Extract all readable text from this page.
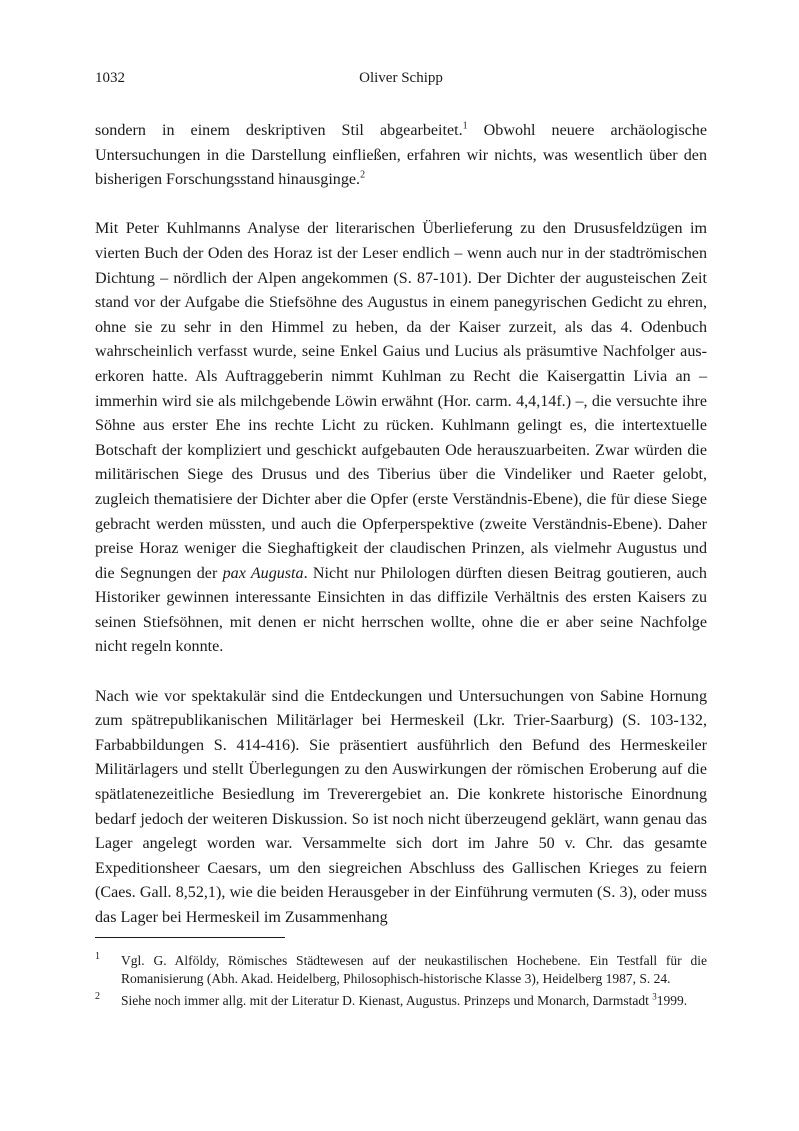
1032	Oliver Schipp

sondern in einem deskriptiven Stil abgearbeitet.$^1$ Obwohl neuere archäologische Untersuchungen in die Darstellung einfließen, erfahren wir nichts, was wesentlich über den bisherigen Forschungsstand hinausginge.$^2$

Mit Peter Kuhlmanns Analyse der literarischen Überlieferung zu den Drususfeldzügen im vierten Buch der Oden des Horaz ist der Leser endlich – wenn auch nur in der stadtrömischen Dichtung – nördlich der Alpen angekommen (S. 87-101). Der Dichter der augusteischen Zeit stand vor der Aufgabe die Stiefsöhne des Augustus in einem panegyrischen Gedicht zu ehren, ohne sie zu sehr in den Himmel zu heben, da der Kaiser zurzeit, als das 4. Odenbuch wahrscheinlich verfasst wurde, seine Enkel Gaius und Lucius als präsumtive Nachfolger auserkoren hatte. Als Auftraggeberin nimmt Kuhlman zu Recht die Kaisergattin Livia an – immerhin wird sie als milchgebende Löwin erwähnt (Hor. carm. 4,4,14f.) –, die versuchte ihre Söhne aus erster Ehe ins rechte Licht zu rücken. Kuhlmann gelingt es, die intertextuelle Botschaft der kompliziert und geschickt aufgebauten Ode herauszuarbeiten. Zwar würden die militärischen Siege des Drusus und des Tiberius über die Vindeliker und Raeter gelobt, zugleich thematisiere der Dichter aber die Opfer (erste Verständnis-Ebene), die für diese Siege gebracht werden müssten, und auch die Opferperspektive (zweite Verständnis-Ebene). Daher preise Horaz weniger die Sieghaftigkeit der claudischen Prinzen, als vielmehr Augustus und die Segnungen der pax Augusta. Nicht nur Philologen dürften diesen Beitrag goutieren, auch Historiker gewinnen interessante Einsichten in das diffizile Verhältnis des ersten Kaisers zu seinen Stiefsöhnen, mit denen er nicht herrschen wollte, ohne die er aber seine Nachfolge nicht regeln konnte.

Nach wie vor spektakulär sind die Entdeckungen und Untersuchungen von Sabine Hornung zum spätrepublikanischen Militärlager bei Hermeskeil (Lkr. Trier-Saarburg) (S. 103-132, Farbabbildungen S. 414-416). Sie präsentiert ausführlich den Befund des Hermeskeiler Militärlagers und stellt Überlegungen zu den Auswirkungen der römischen Eroberung auf die spätlatenezeitliche Besiedlung im Treverergebiet an. Die konkrete historische Einordnung bedarf jedoch der weiteren Diskussion. So ist noch nicht überzeugend geklärt, wann genau das Lager angelegt worden war. Versammelte sich dort im Jahre 50 v. Chr. das gesamte Expeditionsheer Caesars, um den siegreichen Abschluss des Gallischen Krieges zu feiern (Caes. Gall. 8,52,1), wie die beiden Herausgeber in der Einführung vermuten (S. 3), oder muss das Lager bei Hermeskeil im Zusammenhang

1 Vgl. G. Alföldy, Römisches Städtewesen auf der neukastilischen Hochebene. Ein Testfall für die Romanisierung (Abh. Akad. Heidelberg, Philosophisch-historische Klasse 3), Heidelberg 1987, S. 24.

2 Siehe noch immer allg. mit der Literatur D. Kienast, Augustus. Prinzeps und Monarch, Darmstadt $^3$1999.
